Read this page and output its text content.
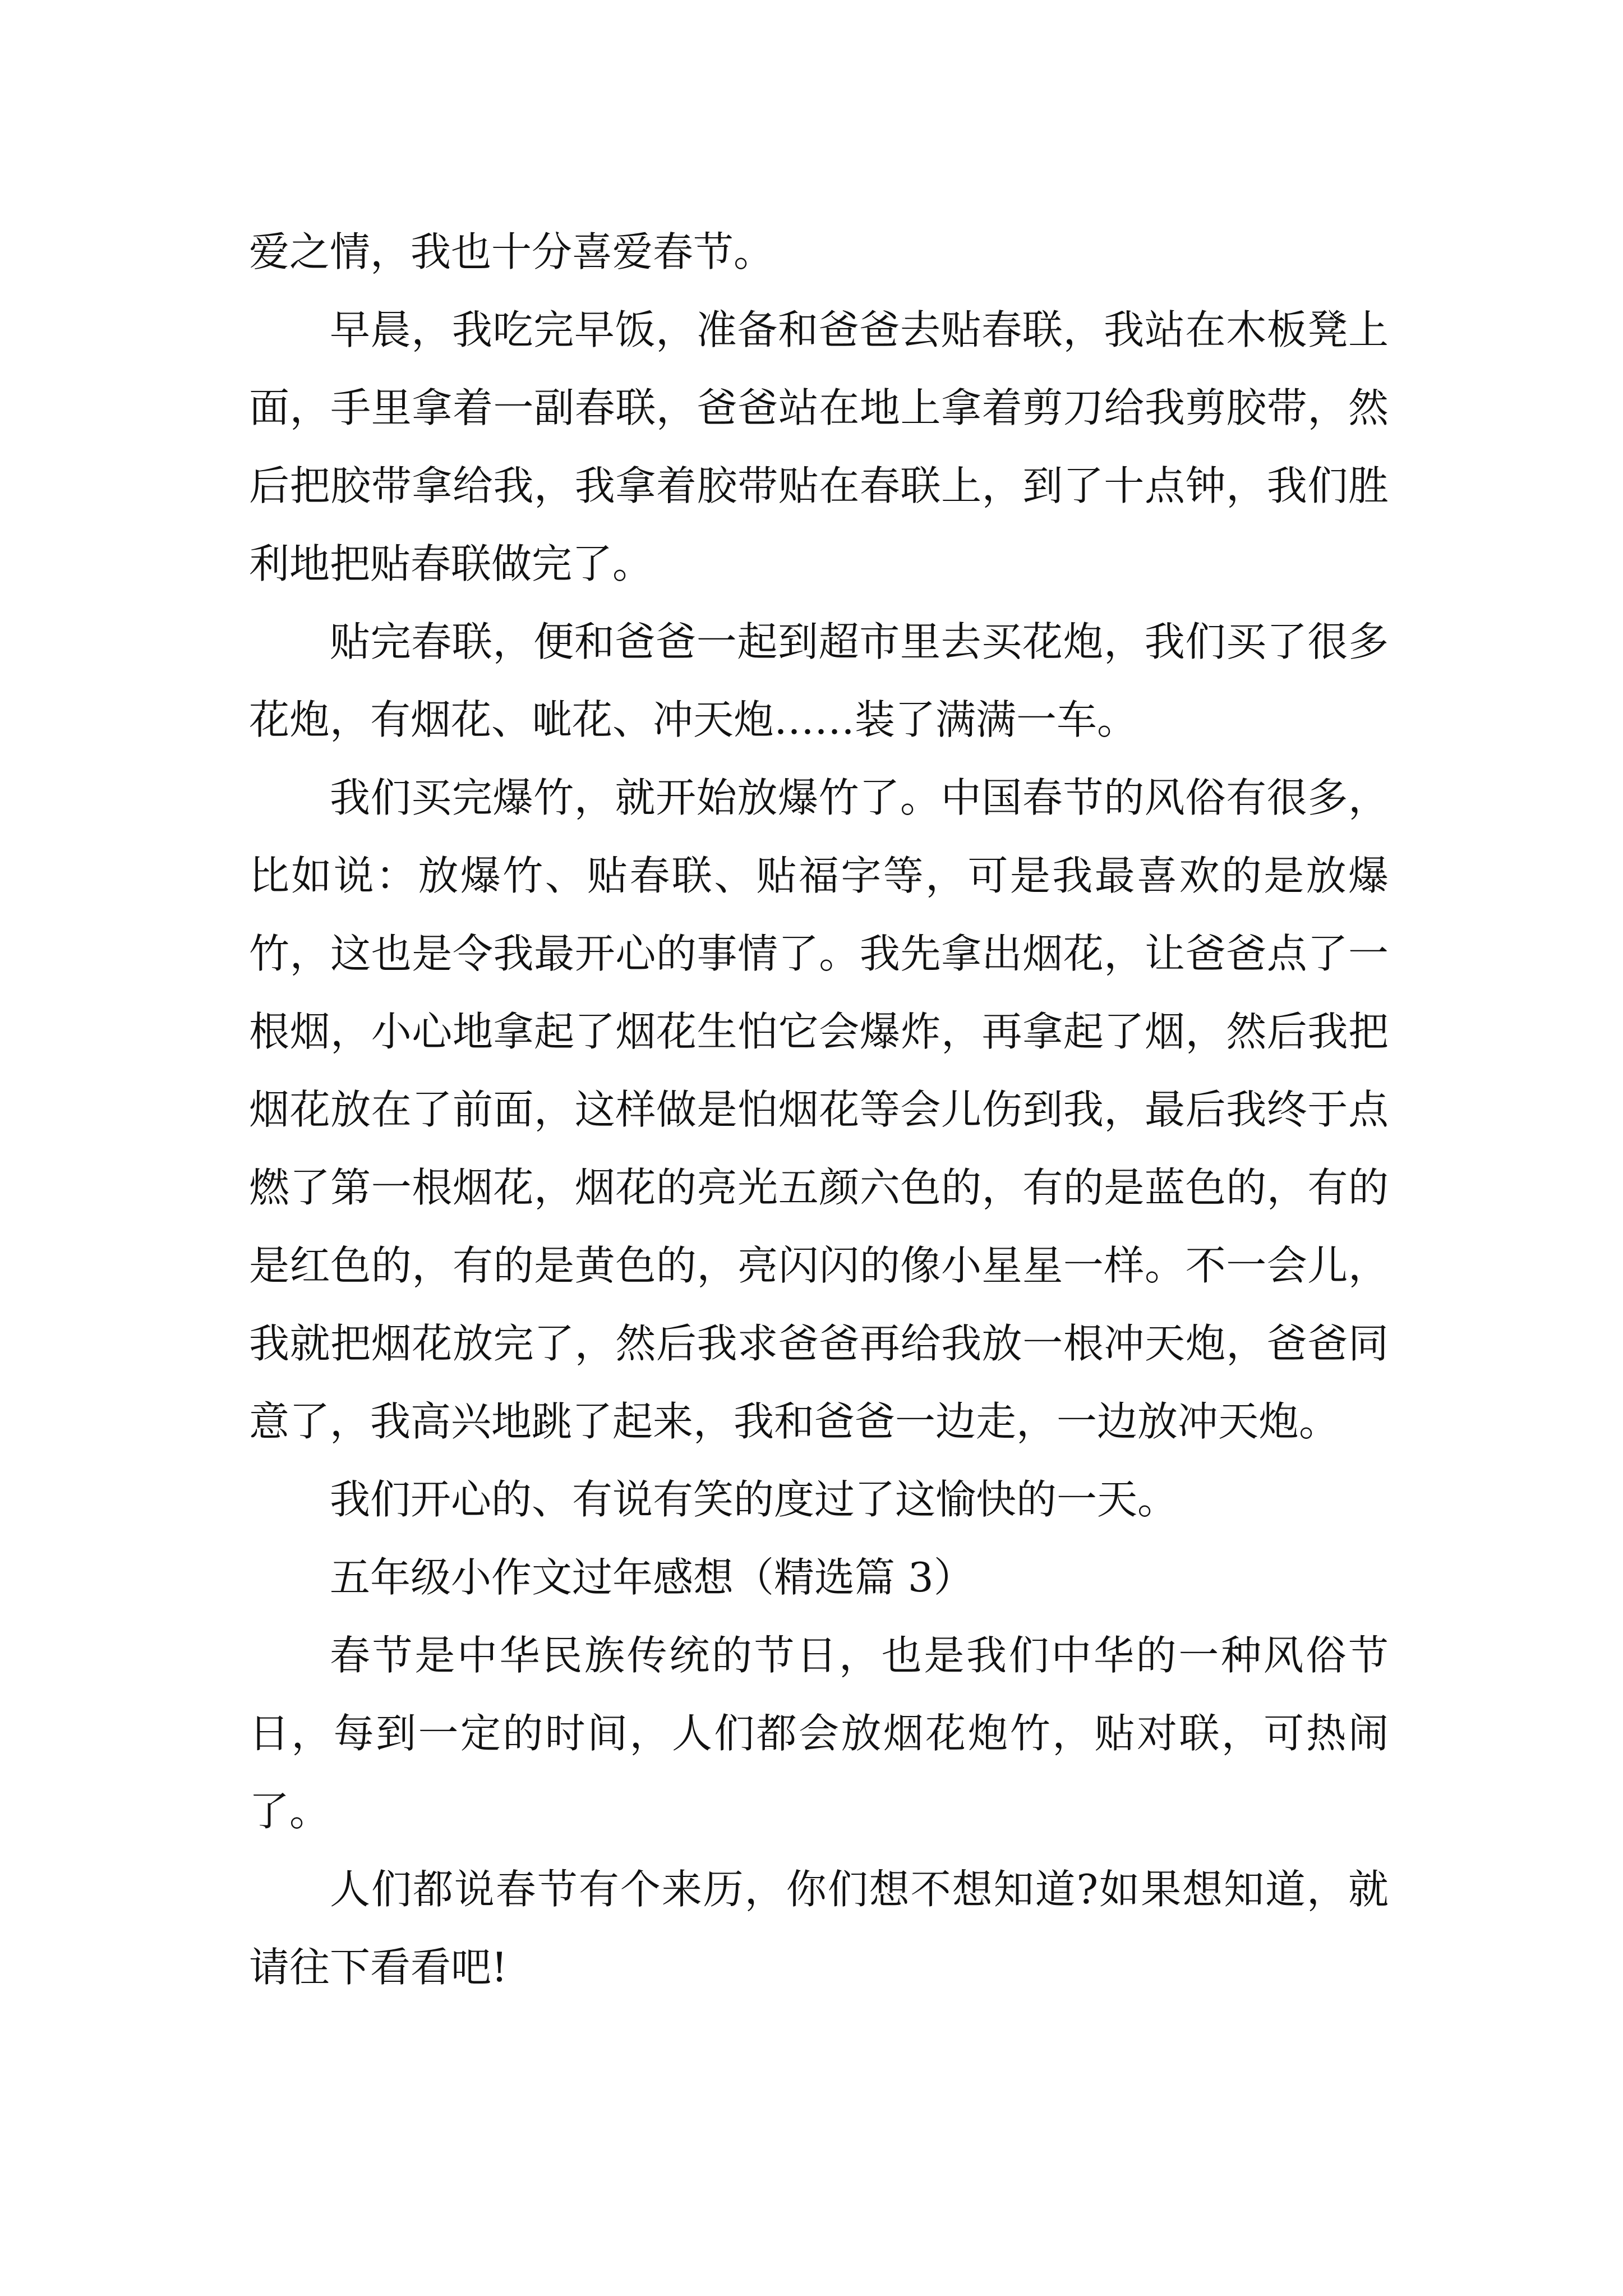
爱之情，我也十分喜爱春节。

早晨，我吃完早饭，准备和爸爸去贴春联，我站在木板凳上面，手里拿着一副春联，爸爸站在地上拿着剪刀给我剪胶带，然后把胶带拿给我，我拿着胶带贴在春联上，到了十点钟，我们胜利地把贴春联做完了。

贴完春联，便和爸爸一起到超市里去买花炮，我们买了很多花炮，有烟花、呲花、冲天炮……装了满满一车。

我们买完爆竹，就开始放爆竹了。中国春节的风俗有很多，比如说：放爆竹、贴春联、贴福字等，可是我最喜欢的是放爆竹，这也是令我最开心的事情了。我先拿出烟花，让爸爸点了一根烟，小心地拿起了烟花生怕它会爆炸，再拿起了烟，然后我把烟花放在了前面，这样做是怕烟花等会儿伤到我，最后我终于点燃了第一根烟花，烟花的亮光五颜六色的，有的是蓝色的，有的是红色的，有的是黄色的，亮闪闪的像小星星一样。不一会儿，我就把烟花放完了，然后我求爸爸再给我放一根冲天炮，爸爸同意了，我高兴地跳了起来，我和爸爸一边走，一边放冲天炮。

我们开心的、有说有笑的度过了这愉快的一天。

五年级小作文过年感想（精选篇 3）

春节是中华民族传统的节日，也是我们中华的一种风俗节日，每到一定的时间，人们都会放烟花炮竹，贴对联，可热闹了。

人们都说春节有个来历，你们想不想知道?如果想知道，就请往下看看吧!
